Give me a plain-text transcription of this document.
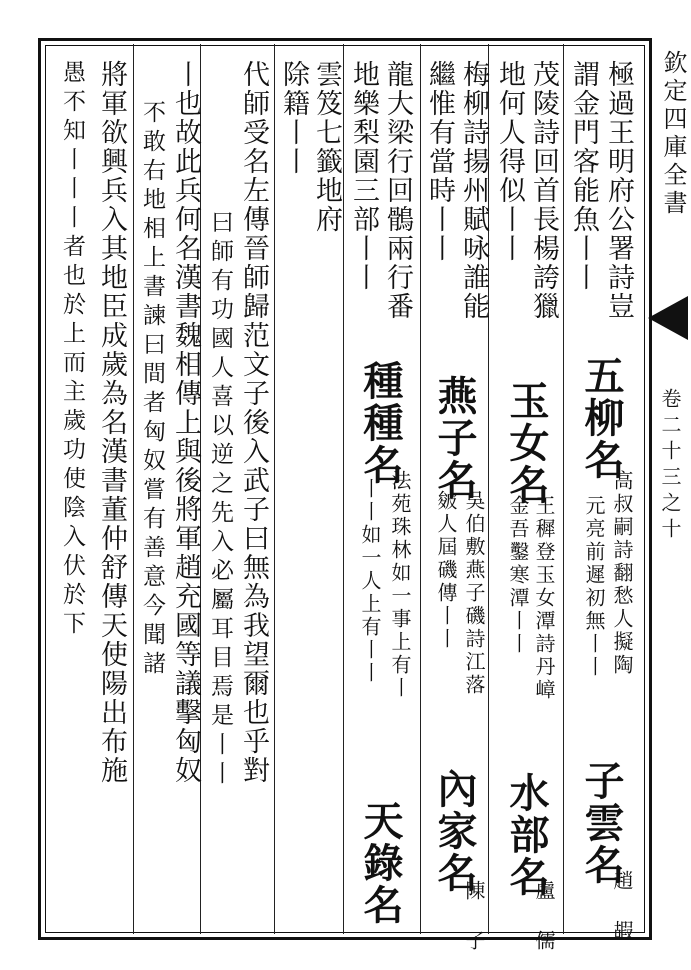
欽定四庫全書
卷二十三之十
極過王明府公署詩豈
謂金門客能魚丨丨
五柳名
高叔嗣詩翻愁人擬陶
元亮前遲初無丨丨
子雲名
趙 嘏
茂陵詩回首長楊誇獵
地何人得似丨丨
玉女名
王穉登玉女潭詩丹嶂
金吾鑿寒潭丨丨
水部名
盧 儒
梅柳詩揚州賦咏誰能
繼惟有當時丨丨
燕子名
吳伯敷燕子磯詩江落
皴人屆磯傳丨丨
內家名
陳 子
龍大梁行回鶻兩行番
地樂梨園三部丨丨
種種名
法苑珠林如一事上有丨
丨丨如一人上有丨丨
天錄名
雲笈七籤地府
除籍丨丨
代師受名左傳晉師歸范文子後入武子曰無為我望爾也乎對
曰師有功國人喜以逆之先入必屬耳目焉是丨丨
丨也故此兵何名漢書魏相傳上與後將軍趙充國等議擊匈奴
不敢右地相上書諫曰間者匈奴嘗有善意今聞諸
將軍欲興兵入其地臣成歲為名漢書董仲舒傳天使陽出布施
愚不知丨丨丨者也於上而主歲功使陰入伏於下
